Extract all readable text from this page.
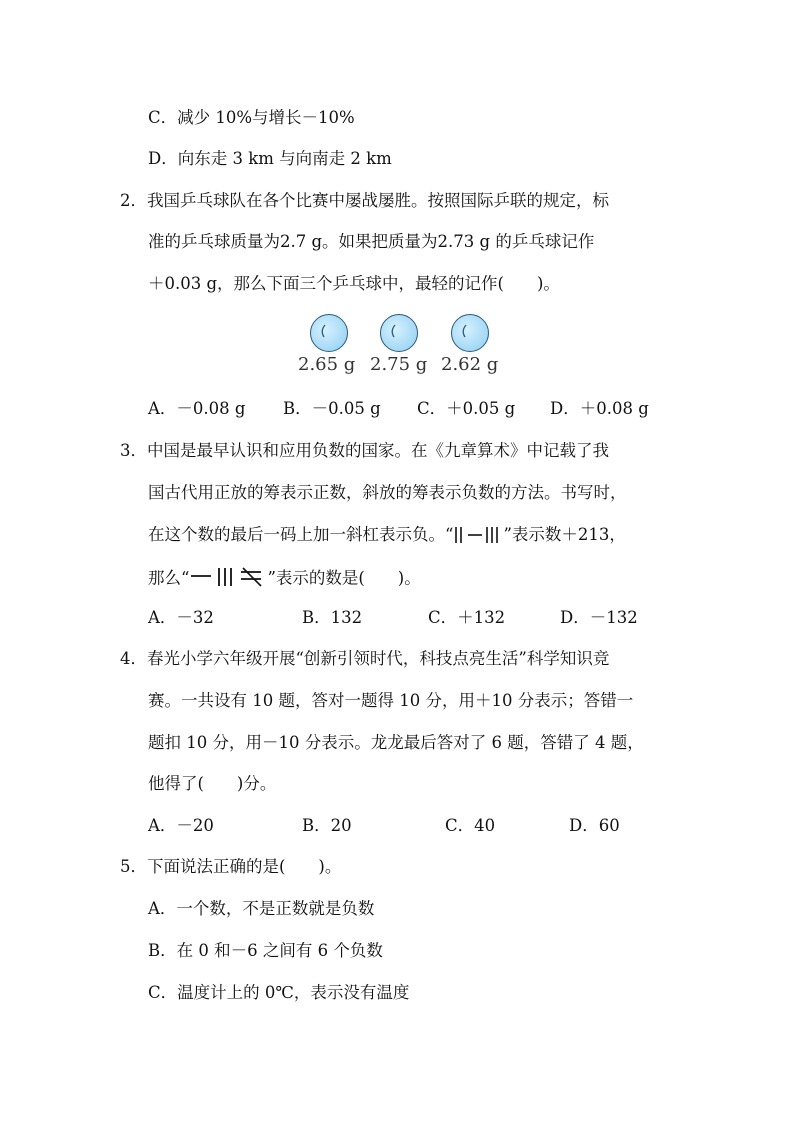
C．减少 10%与增长－10%
D．向东走 3 km 与向南走 2 km
2．我国乒乓球队在各个比赛中屡战屡胜。按照国际乒联的规定，标
准的乒乓球质量为2.7 g。如果把质量为2.73 g 的乒乓球记作
＋0.03 g，那么下面三个乒乓球中，最轻的记作(　　)。
2.65 g 2.75 g 2.62 g
A．－0.08 g B．－0.05 g C．＋0.05 g D．＋0.08 g
3．中国是最早认识和应用负数的国家。在《九章算术》中记载了我
国古代用正放的筹表示正数，斜放的筹表示负数的方法。书写时，
在这个数的最后一码上加一斜杠表示负。“	”表示数＋213，
那么“	”表示的数是(　　)。
A．－32	B．132	C．＋132	D．－132
4．春光小学六年级开展“创新引领时代，科技点亮生活”科学知识竞
赛。一共设有 10 题，答对一题得 10 分，用＋10 分表示；答错一
题扣 10 分，用－10 分表示。龙龙最后答对了 6 题，答错了 4 题，
他得了(　　)分。
A．－20	B．20	C．40	D．60
5．下面说法正确的是(　　)。
A．一个数，不是正数就是负数
B．在 0 和－6 之间有 6 个负数
C．温度计上的 0℃，表示没有温度
